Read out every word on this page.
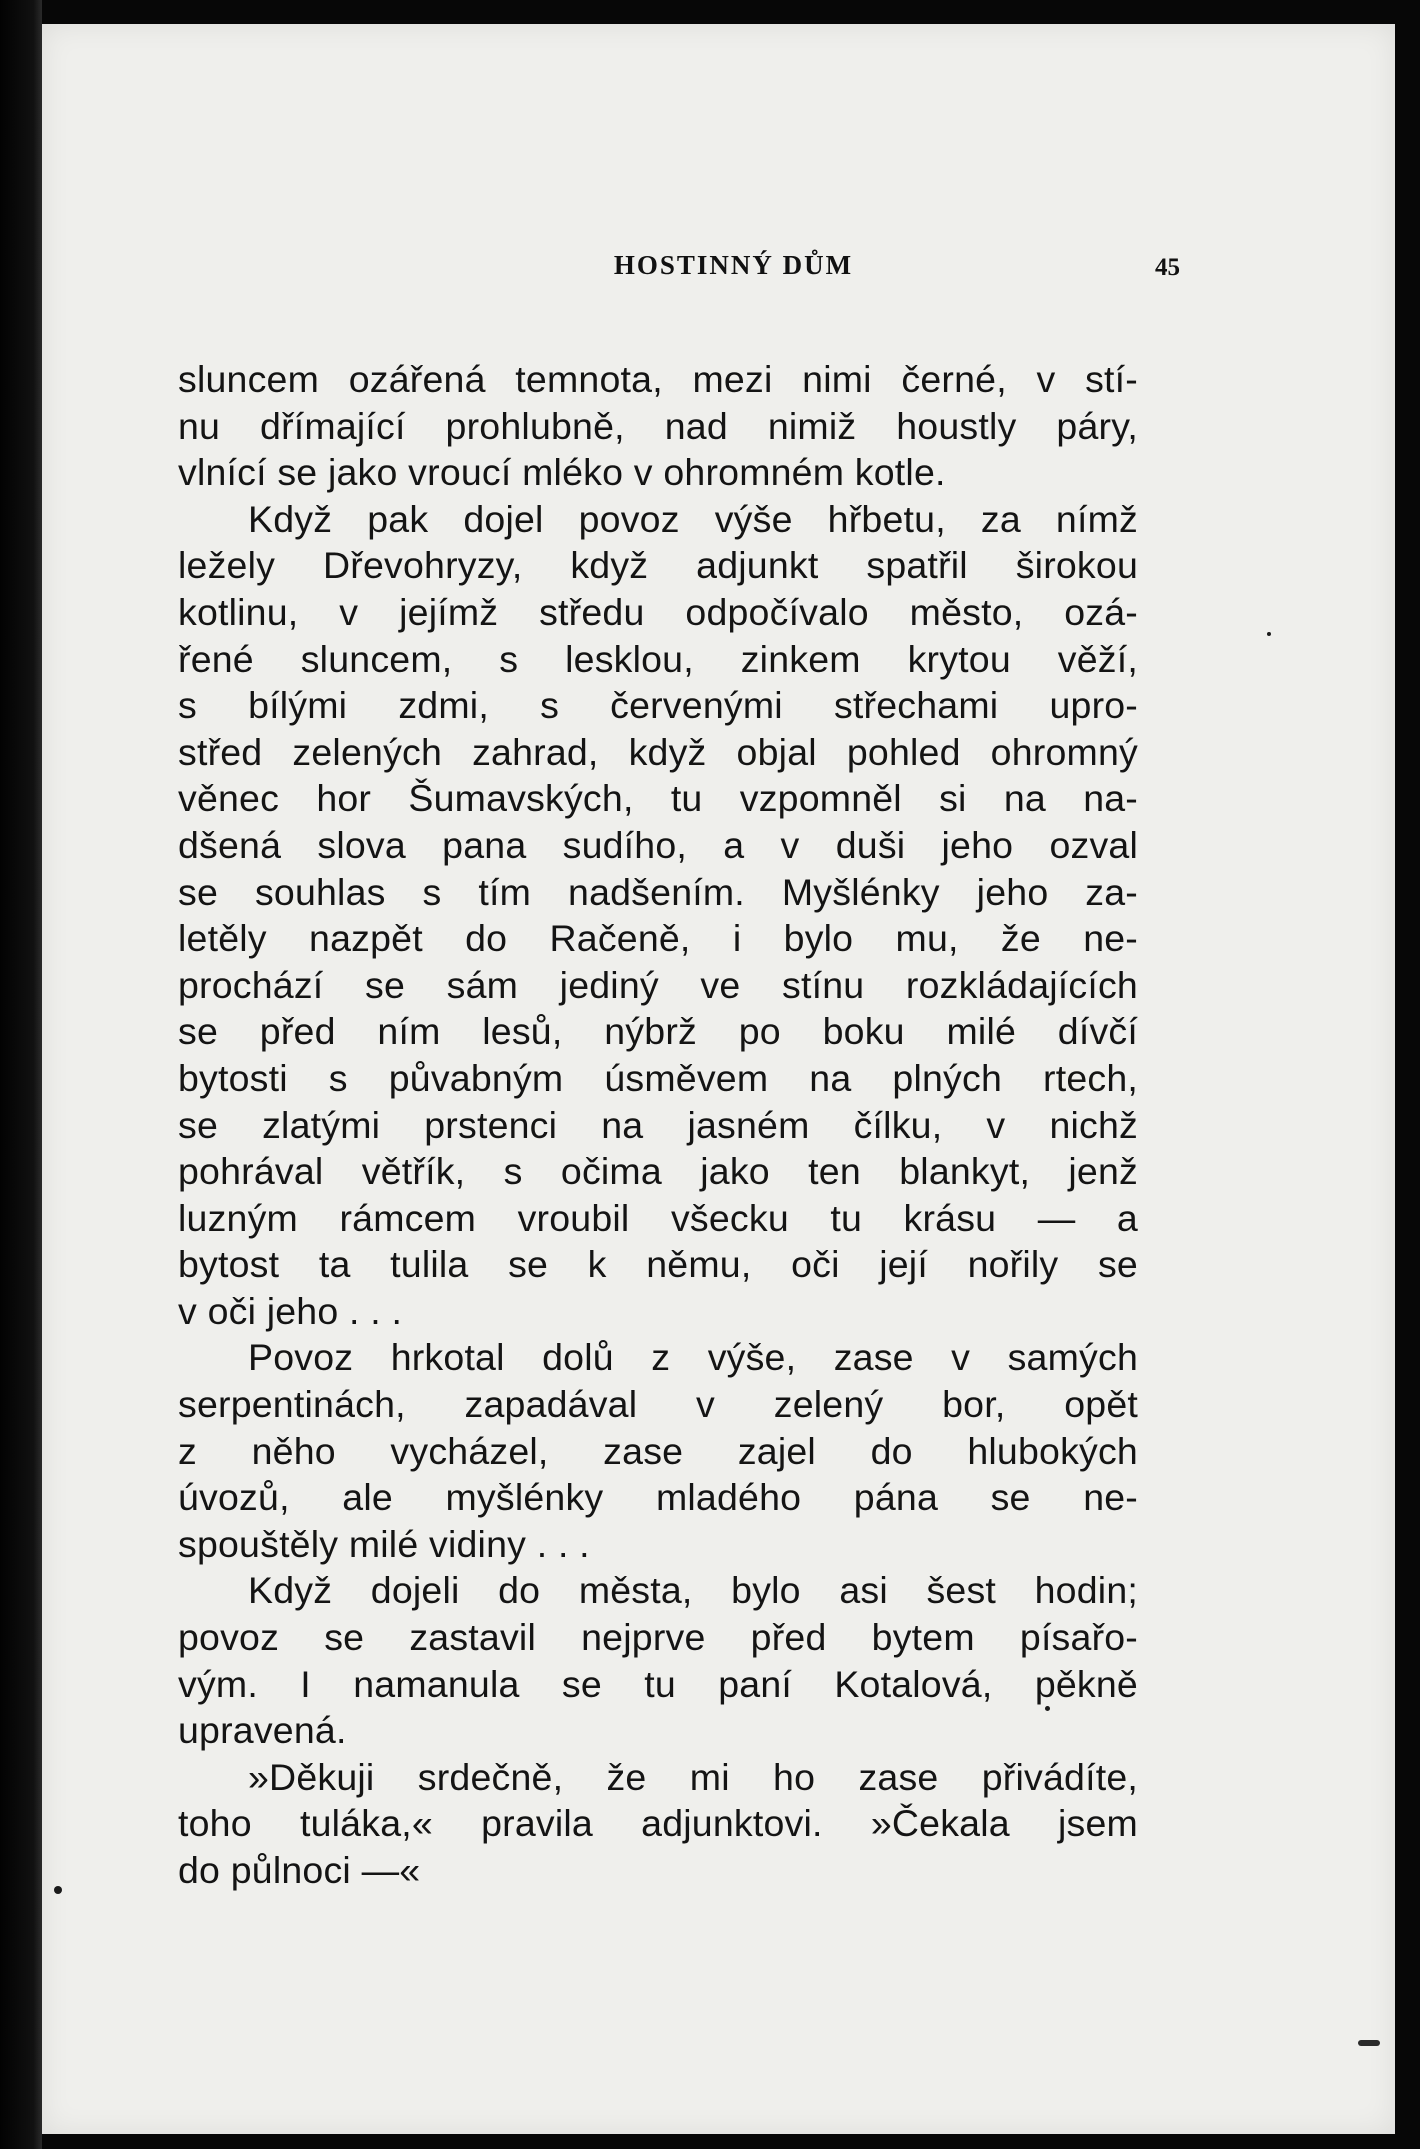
HOSTINNÝ DŮM	45
sluncem ozářená temnota, mezi nimi černé, v stí-
nu dřímající prohlubně, nad nimiž houstly páry,
vlnící se jako vroucí mléko v ohromném kotle.
Když pak dojel povoz výše hřbetu, za nímž
ležely Dřevohryzy, když adjunkt spatřil širokou
kotlinu, v jejímž středu odpočívalo město, ozá-
řené sluncem, s lesklou, zinkem krytou věží,
s bílými zdmi, s červenými střechami upro-
střed zelených zahrad, když objal pohled ohromný
věnec hor Šumavských, tu vzpomněl si na na-
dšená slova pana sudího, a v duši jeho ozval
se souhlas s tím nadšením. Myšlénky jeho za-
letěly nazpět do Račeně, i bylo mu, že ne-
prochází se sám jediný ve stínu rozkládajících
se před ním lesů, nýbrž po boku milé dívčí
bytosti s půvabným úsměvem na plných rtech,
se zlatými prstenci na jasném čílku, v nichž
pohrával větřík, s očima jako ten blankyt, jenž
luzným rámcem vroubil všecku tu krásu — a
bytost ta tulila se k němu, oči její nořily se
v oči jeho . . .
Povoz hrkotal dolů z výše, zase v samých
serpentinách, zapadával v zelený bor, opět
z něho vycházel, zase zajel do hlubokých
úvozů, ale myšlénky mladého pána se ne-
spouštěly milé vidiny . . .
Když dojeli do města, bylo asi šest hodin;
povoz se zastavil nejprve před bytem písařo-
vým. I namanula se tu paní Kotalová, pěkně
upravená.
»Děkuji srdečně, že mi ho zase přivádíte,
toho tuláka,« pravila adjunktovi. »Čekala jsem
do půlnoci —«
